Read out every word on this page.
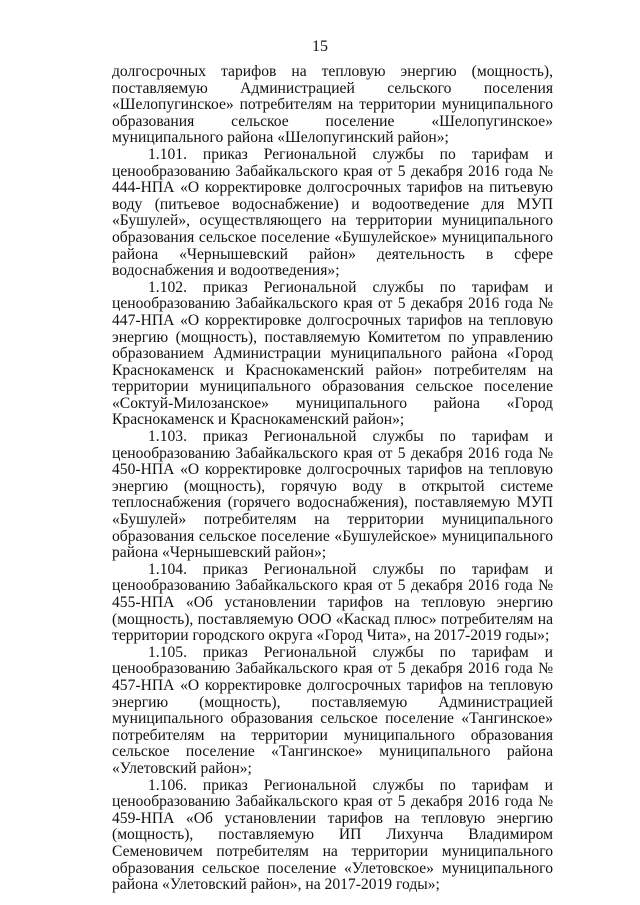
15

долгосрочных тарифов на тепловую энергию (мощность), поставляемую Администрацией сельского поселения «Шелопугинское» потребителям на территории муниципального образования сельское поселение «Шелопугинское» муниципального района «Шелопугинский район»;

1.101. приказ Региональной службы по тарифам и ценообразованию Забайкальского края от 5 декабря 2016 года № 444-НПА «О корректировке долгосрочных тарифов на питьевую воду (питьевое водоснабжение) и водоотведение для МУП «Бушулей», осуществляющего на территории муниципального образования сельское поселение «Бушулейское» муниципального района «Чернышевский район» деятельность в сфере водоснабжения и водоотведения»;

1.102. приказ Региональной службы по тарифам и ценообразованию Забайкальского края от 5 декабря 2016 года № 447-НПА «О корректировке долгосрочных тарифов на тепловую энергию (мощность), поставляемую Комитетом по управлению образованием Администрации муниципального района «Город Краснокаменск и Краснокаменский район» потребителям на территории муниципального образования сельское поселение «Соктуй-Милозанское» муниципального района «Город Краснокаменск и Краснокаменский район»;

1.103. приказ Региональной службы по тарифам и ценообразованию Забайкальского края от 5 декабря 2016 года № 450-НПА «О корректировке долгосрочных тарифов на тепловую энергию (мощность), горячую воду в открытой системе теплоснабжения (горячего водоснабжения), поставляемую МУП «Бушулей» потребителям на территории муниципального образования сельское поселение «Бушулейское» муниципального района «Чернышевский район»;

1.104. приказ Региональной службы по тарифам и ценообразованию Забайкальского края от 5 декабря 2016 года № 455-НПА «Об установлении тарифов на тепловую энергию (мощность), поставляемую ООО «Каскад плюс» потребителям на территории городского округа «Город Чита», на 2017-2019 годы»;

1.105. приказ Региональной службы по тарифам и ценообразованию Забайкальского края от 5 декабря 2016 года № 457-НПА «О корректировке долгосрочных тарифов на тепловую энергию (мощность), поставляемую Администрацией муниципального образования сельское поселение «Тангинское» потребителям на территории муниципального образования сельское поселение «Тангинское» муниципального района «Улетовский район»;

1.106. приказ Региональной службы по тарифам и ценообразованию Забайкальского края от 5 декабря 2016 года № 459-НПА «Об установлении тарифов на тепловую энергию (мощность), поставляемую ИП Лихунча Владимиром Семеновичем потребителям на территории муниципального образования сельское поселение «Улетовское» муниципального района «Улетовский район», на 2017-2019 годы»;
